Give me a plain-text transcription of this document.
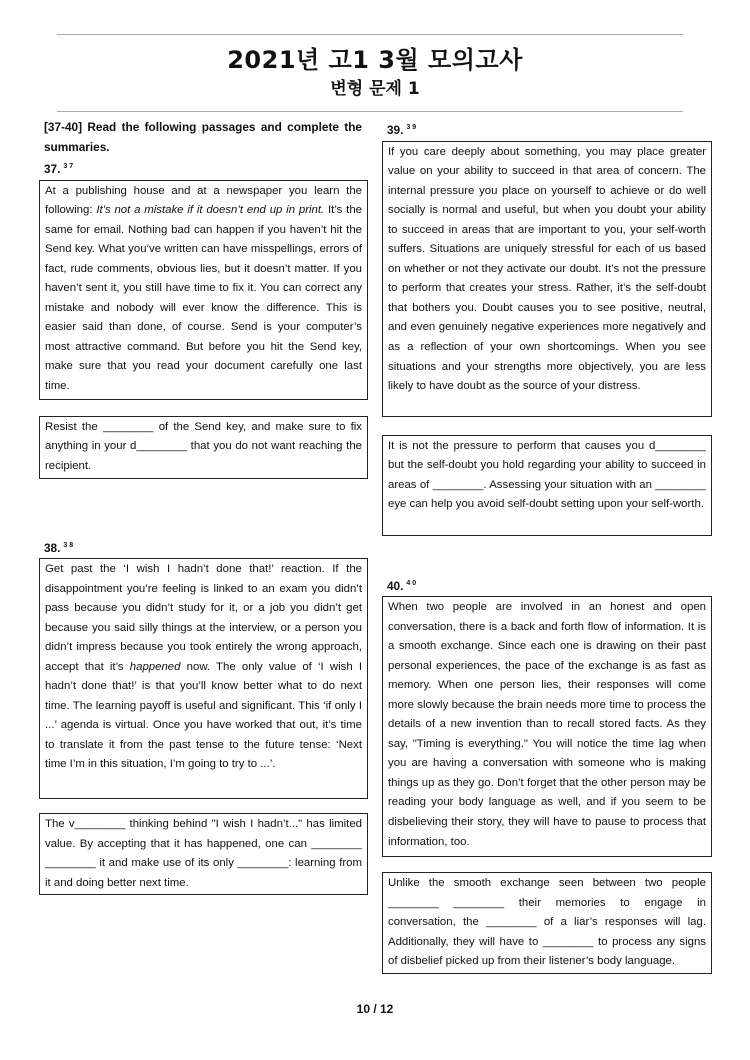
2021년 고1 3월 모의고사
변형 문제 1
[37-40] Read the following passages and complete the summaries.
37. $^{3 7}$
At a publishing house and at a newspaper you learn the following: It’s not a mistake if it doesn’t end up in print. It’s the same for email. Nothing bad can happen if you haven’t hit the Send key. What you’ve written can have misspellings, errors of fact, rude comments, obvious lies, but it doesn’t matter. If you haven’t sent it, you still have time to fix it. You can correct any mistake and nobody will ever know the difference. This is easier said than done, of course. Send is your computer’s most attractive command. But before you hit the Send key, make sure that you read your document carefully one last time.
Resist the ________ of the Send key, and make sure to fix anything in your d________ that you do not want reaching the recipient.
38. $^{3 8}$
Get past the ‘I wish I hadn’t done that!’ reaction. If the disappointment you’re feeling is linked to an exam you didn’t pass because you didn’t study for it, or a job you didn’t get because you said silly things at the interview, or a person you didn’t impress because you took entirely the wrong approach, accept that it’s happened now. The only value of ‘I wish I hadn’t done that!’ is that you’ll know better what to do next time. The learning payoff is useful and significant. This ‘if only I ...’ agenda is virtual. Once you have worked that out, it’s time to translate it from the past tense to the future tense: ‘Next time I’m in this situation, I’m going to try to ...’.
The v________ thinking behind "I wish I hadn’t..." has limited value. By accepting that it has happened, one can ________ ________ it and make use of its only ________: learning from it and doing better next time.
39. $^{3 9}$
If you care deeply about something, you may place greater value on your ability to succeed in that area of concern. The internal pressure you place on yourself to achieve or do well socially is normal and useful, but when you doubt your ability to succeed in areas that are important to you, your self-worth suffers. Situations are uniquely stressful for each of us based on whether or not they activate our doubt. It’s not the pressure to perform that creates your stress. Rather, it’s the self-doubt that bothers you. Doubt causes you to see positive, neutral, and even genuinely negative experiences more negatively and as a reflection of your own shortcomings. When you see situations and your strengths more objectively, you are less likely to have doubt as the source of your distress.
It is not the pressure to perform that causes you d________ but the self-doubt you hold regarding your ability to succeed in areas of ________. Assessing your situation with an ________ eye can help you avoid self-doubt setting upon your self-worth.
40. $^{4 0}$
When two people are involved in an honest and open conversation, there is a back and forth flow of information. It is a smooth exchange. Since each one is drawing on their past personal experiences, the pace of the exchange is as fast as memory. When one person lies, their responses will come more slowly because the brain needs more time to process the details of a new invention than to recall stored facts. As they say, "Timing is everything." You will notice the time lag when you are having a conversation with someone who is making things up as they go. Don’t forget that the other person may be reading your body language as well, and if you seem to be disbelieving their story, they will have to pause to process that information, too.
Unlike the smooth exchange seen between two people ________ ________ their memories to engage in conversation, the ________ of a liar’s responses will lag. Additionally, they will have to ________ to process any signs of disbelief picked up from their listener’s body language.
10 / 12
